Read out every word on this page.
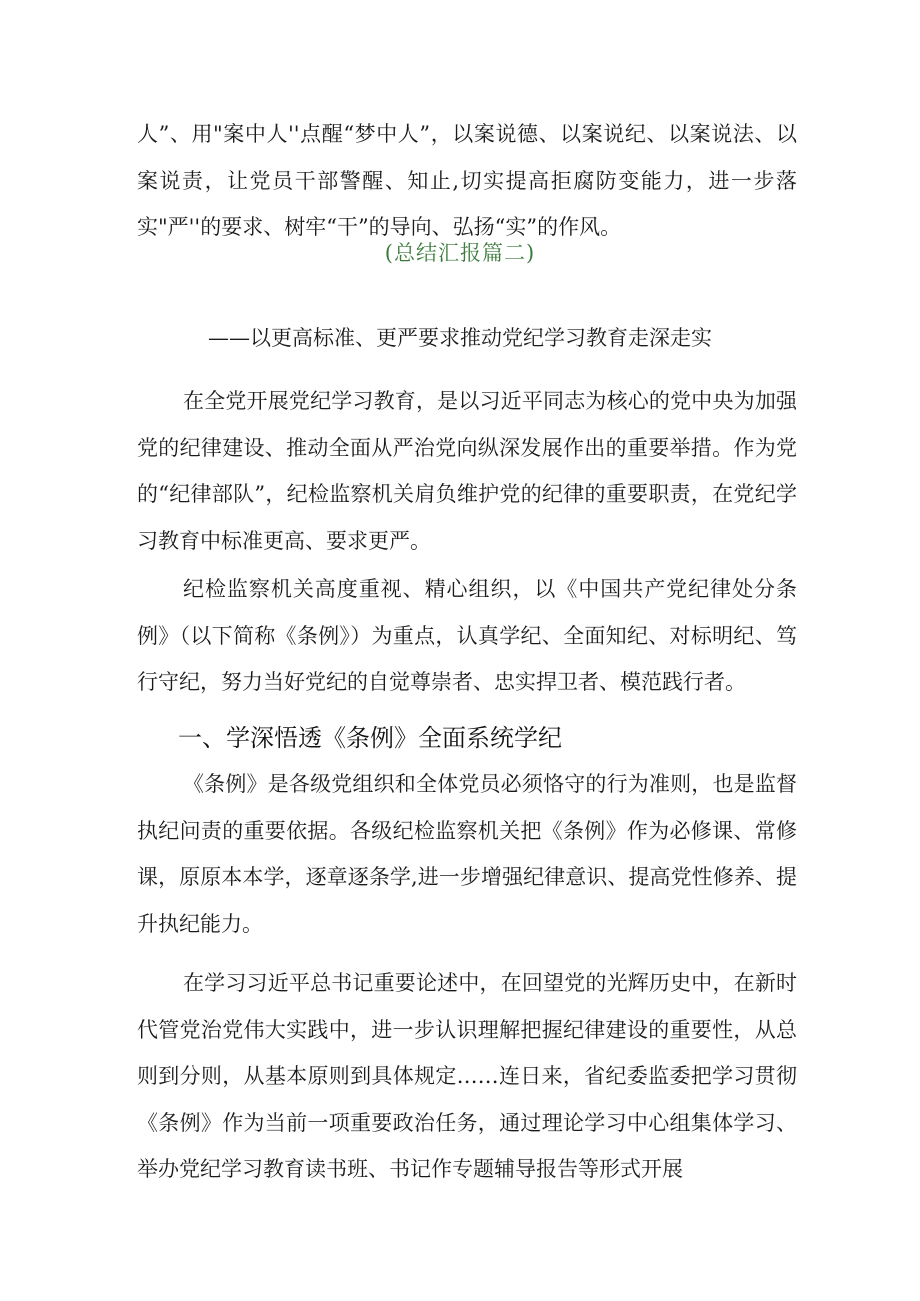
人”、用"案中人''点醒“梦中人”，以案说德、以案说纪、以案说法、以案说责，让党员干部警醒、知止,切实提高拒腐防变能力，进一步落实"严''的要求、树牢“干”的导向、弘扬“实”的作风。

(总结汇报篇二)
——以更高标准、更严要求推动党纪学习教育走深走实

在全党开展党纪学习教育，是以习近平同志为核心的党中央为加强党的纪律建设、推动全面从严治党向纵深发展作出的重要举措。作为党的“纪律部队”，纪检监察机关肩负维护党的纪律的重要职责，在党纪学习教育中标准更高、要求更严。

纪检监察机关高度重视、精心组织，以《中国共产党纪律处分条例》（以下简称《条例》）为重点，认真学纪、全面知纪、对标明纪、笃行守纪，努力当好党纪的自觉尊崇者、忠实捍卫者、模范践行者。

一、学深悟透《条例》全面系统学纪

《条例》是各级党组织和全体党员必须恪守的行为准则，也是监督执纪问责的重要依据。各级纪检监察机关把《条例》作为必修课、常修课，原原本本学，逐章逐条学,进一步增强纪律意识、提高党性修养、提升执纪能力。

在学习习近平总书记重要论述中，在回望党的光辉历史中，在新时代管党治党伟大实践中，进一步认识理解把握纪律建设的重要性，从总则到分则，从基本原则到具体规定……连日来，省纪委监委把学习贯彻《条例》作为当前一项重要政治任务，通过理论学习中心组集体学习、举办党纪学习教育读书班、书记作专题辅导报告等形式开展
